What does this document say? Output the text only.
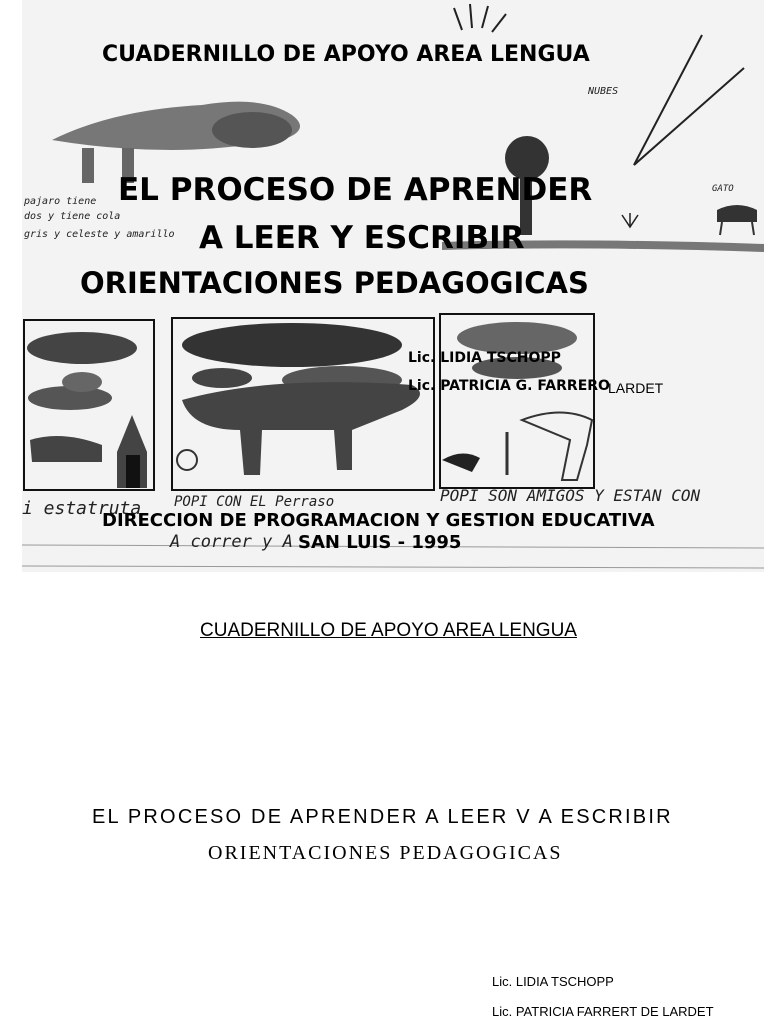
CUADERNILLO DE APOYO AREA LENGUA
NUBES
pajaro tiene
dos y tiene cola
gris y celeste y amarillo
GATO
EL PROCESO DE APRENDER
A LEER Y ESCRIBIR
ORIENTACIONES PEDAGOGICAS
Lic. LIDIA TSCHOPP
Lic. PATRICIA G. FARRERO
LARDET
i estatruta POPI CON EL Perraso
A correr y A
POPI SON AMIGOS Y ESTAN CON
DIRECCION DE PROGRAMACION Y GESTION EDUCATIVA
SAN LUIS - 1995
CUADERNILLO DE APOYO AREA LENGUA
EL PROCESO DE APRENDER A LEER V A ESCRIBIR
ORIENTACIONES PEDAGOGICAS
Lic. LIDIA TSCHOPP
Lic. PATRICIA FARRERT DE LARDET
